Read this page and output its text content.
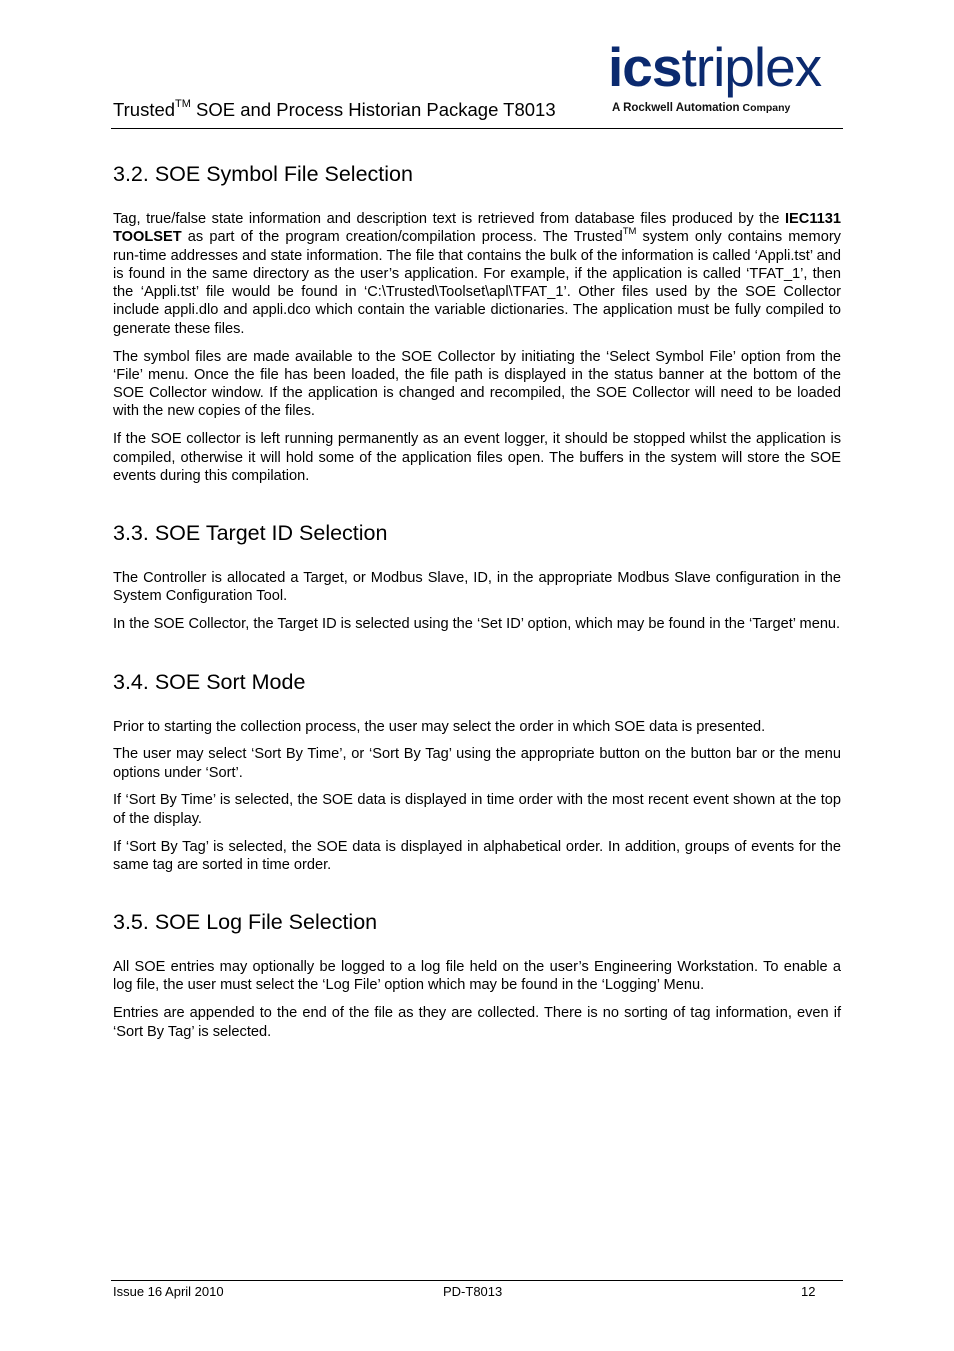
Trusted™ SOE and Process Historian Package T8013
icstriplex
A Rockwell Automation Company
3.2. SOE Symbol File Selection

Tag, true/false state information and description text is retrieved from database files produced by the IEC1131 TOOLSET as part of the program creation/compilation process. The Trusted™ system only contains memory run-time addresses and state information. The file that contains the bulk of the information is called ‘Appli.tst’ and is found in the same directory as the user’s application. For example, if the application is called ‘TFAT_1’, then the ‘Appli.tst’ file would be found in ‘C:\Trusted\Toolset\apl\TFAT_1’. Other files used by the SOE Collector include appli.dlo and appli.dco which contain the variable dictionaries. The application must be fully compiled to generate these files.

The symbol files are made available to the SOE Collector by initiating the ‘Select Symbol File’ option from the ‘File’ menu. Once the file has been loaded, the file path is displayed in the status banner at the bottom of the SOE Collector window. If the application is changed and recompiled, the SOE Collector will need to be loaded with the new copies of the files.

If the SOE collector is left running permanently as an event logger, it should be stopped whilst the application is compiled, otherwise it will hold some of the application files open. The buffers in the system will store the SOE events during this compilation.

3.3. SOE Target ID Selection

The Controller is allocated a Target, or Modbus Slave, ID, in the appropriate Modbus Slave configuration in the System Configuration Tool.

In the SOE Collector, the Target ID is selected using the ‘Set ID’ option, which may be found in the ‘Target’ menu.

3.4. SOE Sort Mode

Prior to starting the collection process, the user may select the order in which SOE data is presented.

The user may select ‘Sort By Time’, or ‘Sort By Tag’ using the appropriate button on the button bar or the menu options under ‘Sort’.

If ‘Sort By Time’ is selected, the SOE data is displayed in time order with the most recent event shown at the top of the display.

If ‘Sort By Tag’ is selected, the SOE data is displayed in alphabetical order. In addition, groups of events for the same tag are sorted in time order.

3.5. SOE Log File Selection

All SOE entries may optionally be logged to a log file held on the user’s Engineering Workstation. To enable a log file, the user must select the ‘Log File’ option which may be found in the ‘Logging’ Menu.

Entries are appended to the end of the file as they are collected. There is no sorting of tag information, even if ‘Sort By Tag’ is selected.

Issue 16 April 2010	PD-T8013	12
